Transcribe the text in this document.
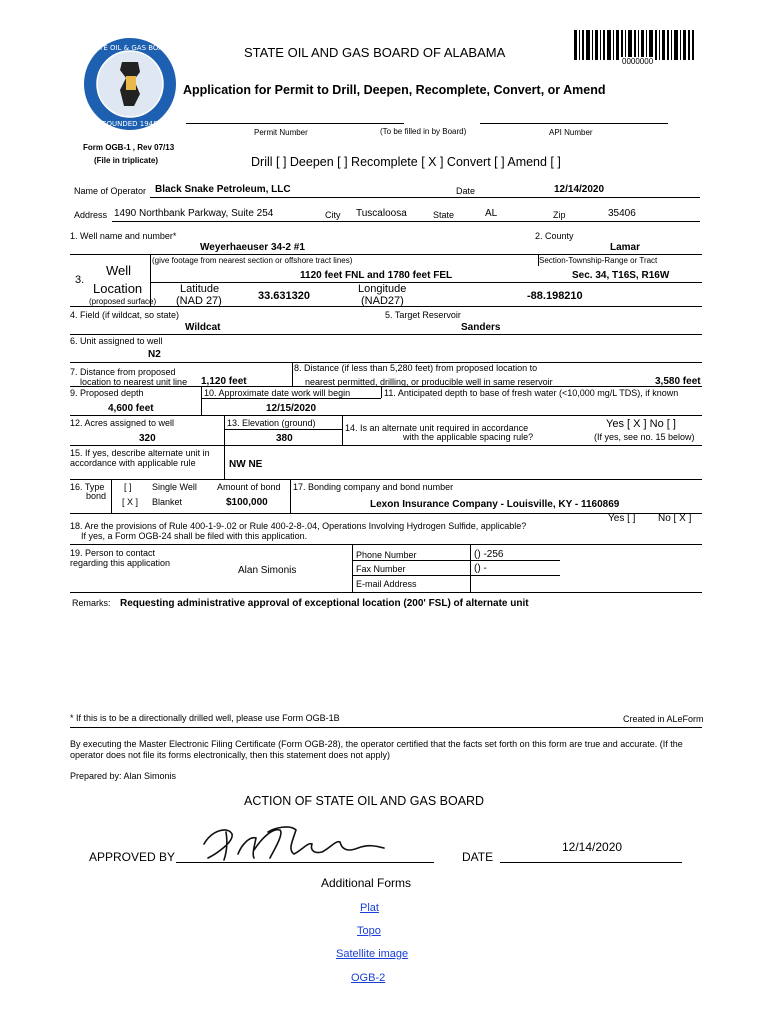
STATE OIL & GAS BOARD
FOUNDED 1945
0000000
STATE OIL AND GAS BOARD OF ALABAMA
Application for Permit to Drill, Deepen, Recomplete, Convert, or Amend
Permit Number	(To be filled in by Board)	API Number
Form OGB-1 , Rev 07/13
(File in triplicate)	Drill [ ] Deepen [ ] Recomplete [ X ] Convert [ ] Amend [ ]
Name of Operator Black Snake Petroleum, LLC	Date	12/14/2020
Address 1490 Northbank Parkway, Suite 254	City Tuscaloosa	State	AL	Zip	35406
1. Well name and number*	2. County
Weyerhaeuser 34-2 #1	Lamar
(give footage from nearest section or offshore tract lines)	Section-Township-Range or Tract
3.
Well
Location
(proposed surface)
1120 feet FNL and 1780 feet FEL	Sec. 34, T16S, R16W
Latitude
(NAD 27)	33.631320
Longitude
(NAD27)	-88.198210
4. Field (if wildcat, so state)	5. Target Reservoir
Wildcat	Sanders
6. Unit assigned to well
N2
7. Distance from proposed
location to nearest unit line 1,120 feet
8. Distance (if less than 5,280 feet) from proposed location to
nearest permitted, drilling, or producible well in same reservoir	3,580 feet
9. Proposed depth	10. Approximate date work will begin	11. Anticipated depth to base of fresh water (<10,000 mg/L TDS), if known
4,600 feet	12/15/2020
12. Acres assigned to well	13. Elevation (ground)	14. Is an alternate unit required in accordance
with the applicable spacing rule?
Yes [ X ] No [ ]
(If yes, see no. 15 below)
320	380
15. If yes, describe alternate unit in
accordance with applicable rule	NW NE
16. Type
bond
[ ] Single Well
[ X ] Blanket
Amount of bond
$100,000
17. Bonding company and bond number
Lexon Insurance Company - Louisville, KY - 1160869
18. Are the provisions of Rule 400-1-9-.02 or Rule 400-2-8-.04, Operations Involving Hydrogen Sulfide, applicable?
If yes, a Form OGB-24 shall be filed with this application.
Yes [ ] No [ X ]
19. Person to contact
regarding this application
Alan Simonis
Phone Number	() -256
Fax Number	() -
E-mail Address
Remarks: Requesting administrative approval of exceptional location (200' FSL) of alternate unit
* If this is to be a directionally drilled well, please use Form OGB-1B	Created in ALeForm
By executing the Master Electronic Filing Certificate (Form OGB-28), the operator certified that the facts set forth on this form are true and accurate. (If the operator does not file its forms electronically, then this statement does not apply)
Prepared by: Alan Simonis
ACTION OF STATE OIL AND GAS BOARD
APPROVED BY	DATE
12/14/2020
Additional Forms
Plat
Topo
Satellite image
OGB-2
